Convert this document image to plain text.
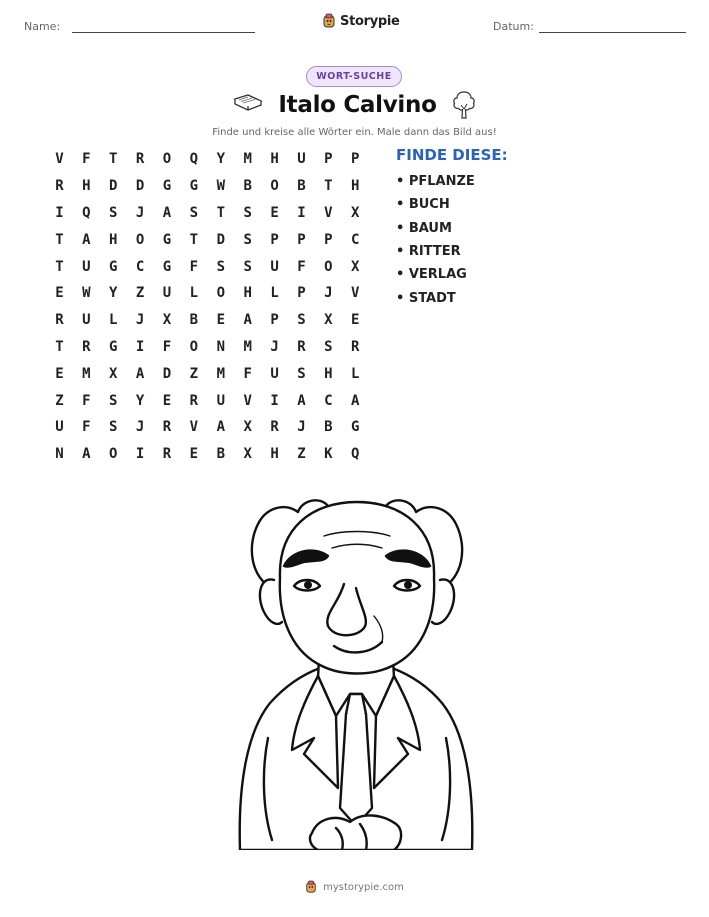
Name:	Storypie	Datum:
WORT-SUCHE
Italo Calvino
Finde und kreise alle Wörter ein. Male dann das Bild aus!
V	F	T	R	O	Q	Y	M	H	U	P	P
R	H	D	D	G	G	W	B	O	B	T	H
I	Q	S	J	A	S	T	S	E	I	V	X
T	A	H	O	G	T	D	S	P	P	P	C
T	U	G	C	G	F	S	S	U	F	O	X
E	W	Y	Z	U	L	O	H	L	P	J	V
R	U	L	J	X	B	E	A	P	S	X	E
T	R	G	I	F	O	N	M	J	R	S	R
E	M	X	A	D	Z	M	F	U	S	H	L
Z	F	S	Y	E	R	U	V	I	A	C	A
U	F	S	J	R	V	A	X	R	J	B	G
N	A	O	I	R	E	B	X	H	Z	K	Q
FINDE DIESE:
• PFLANZE
• BUCH
• BAUM
• RITTER
• VERLAG
• STADT
mystorypie.com
